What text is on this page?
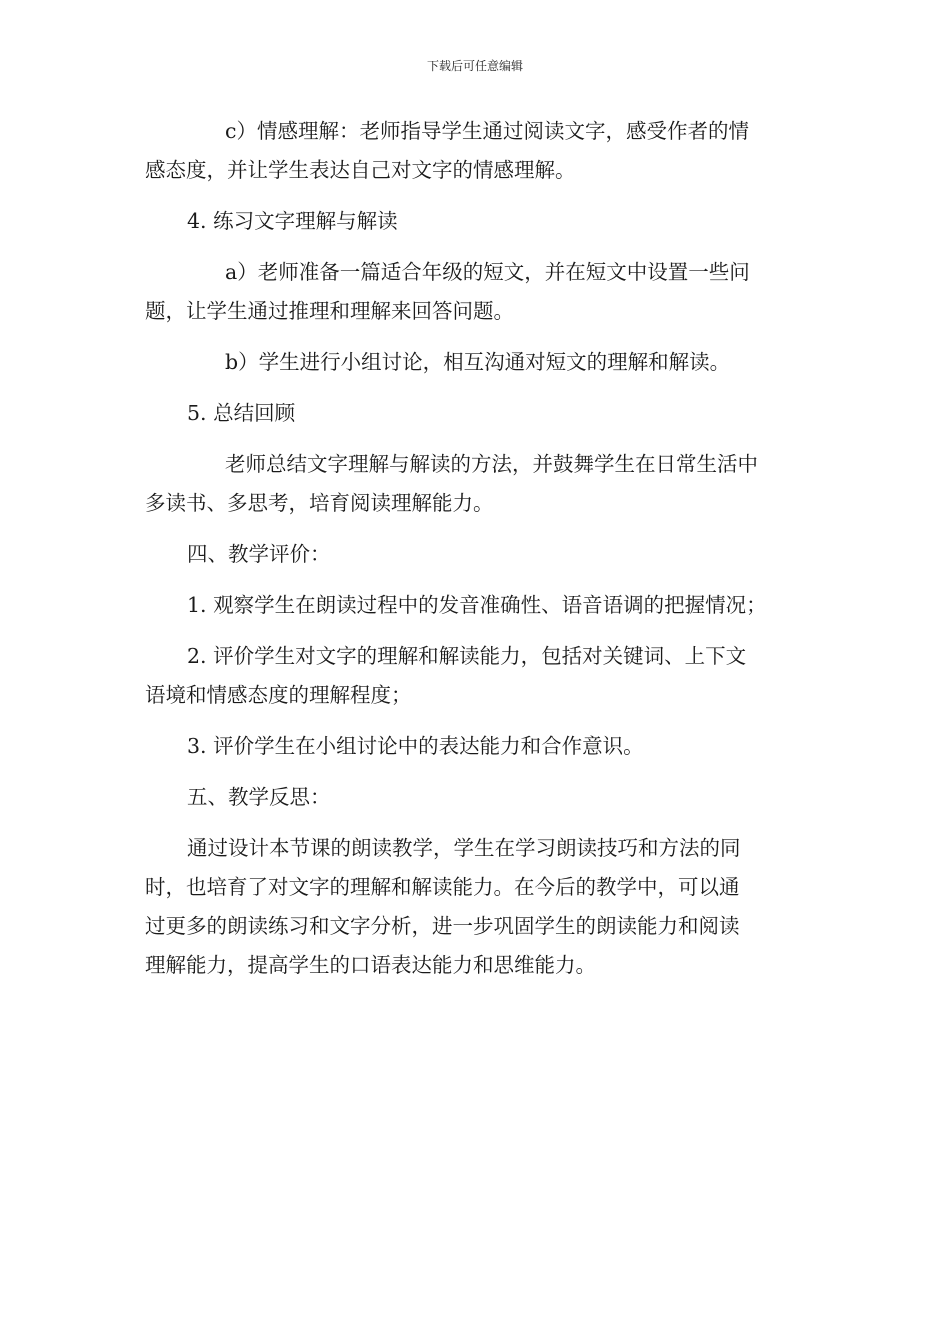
下载后可任意编辑
c）情感理解：老师指导学生通过阅读文字，感受作者的情
感态度，并让学生表达自己对文字的情感理解。
4. 练习文字理解与解读
a）老师准备一篇适合年级的短文，并在短文中设置一些问
题，让学生通过推理和理解来回答问题。
b）学生进行小组讨论，相互沟通对短文的理解和解读。
5. 总结回顾
老师总结文字理解与解读的方法，并鼓舞学生在日常生活中
多读书、多思考，培育阅读理解能力。
四、教学评价：
1. 观察学生在朗读过程中的发音准确性、语音语调的把握情况；
2. 评价学生对文字的理解和解读能力，包括对关键词、上下文
语境和情感态度的理解程度；
3. 评价学生在小组讨论中的表达能力和合作意识。
五、教学反思：
通过设计本节课的朗读教学，学生在学习朗读技巧和方法的同
时，也培育了对文字的理解和解读能力。在今后的教学中，可以通
过更多的朗读练习和文字分析，进一步巩固学生的朗读能力和阅读
理解能力，提高学生的口语表达能力和思维能力。
